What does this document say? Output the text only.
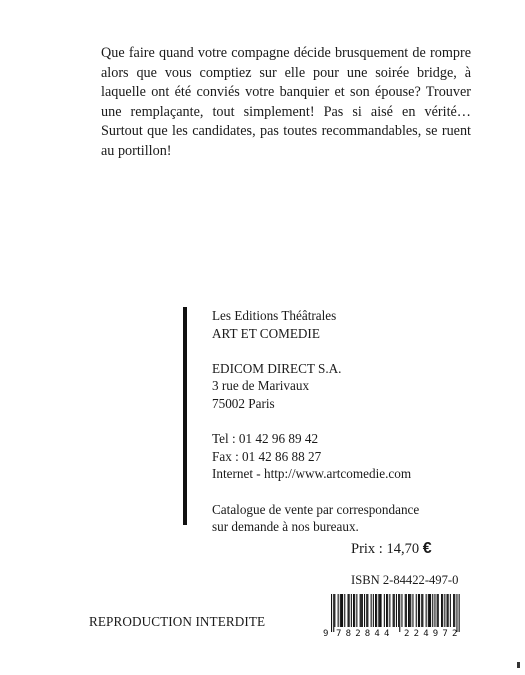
Que faire quand votre compagne décide brusquement de rompre alors que vous comptiez sur elle pour une soirée bridge, à laquelle ont été conviés votre banquier et son épouse? Trouver une remplaçante, tout simplement! Pas si aisé en vérité… Surtout que les candidates, pas toutes recommandables, se ruent au portillon!

Les Editions Théâtrales
ART ET COMEDIE
EDICOM DIRECT S.A.
3 rue de Marivaux
75002 Paris
Tel : 01 42 96 89 42
Fax : 01 42 86 88 27
Internet - http://www.artcomedie.com
Catalogue de vente par correspondance
sur demande à nos bureaux.
Prix : 14,70 €
ISBN 2-84422-497-0
REPRODUCTION INTERDITE
9 7 8 2 8 4 4 2 2 4 9 7 2
